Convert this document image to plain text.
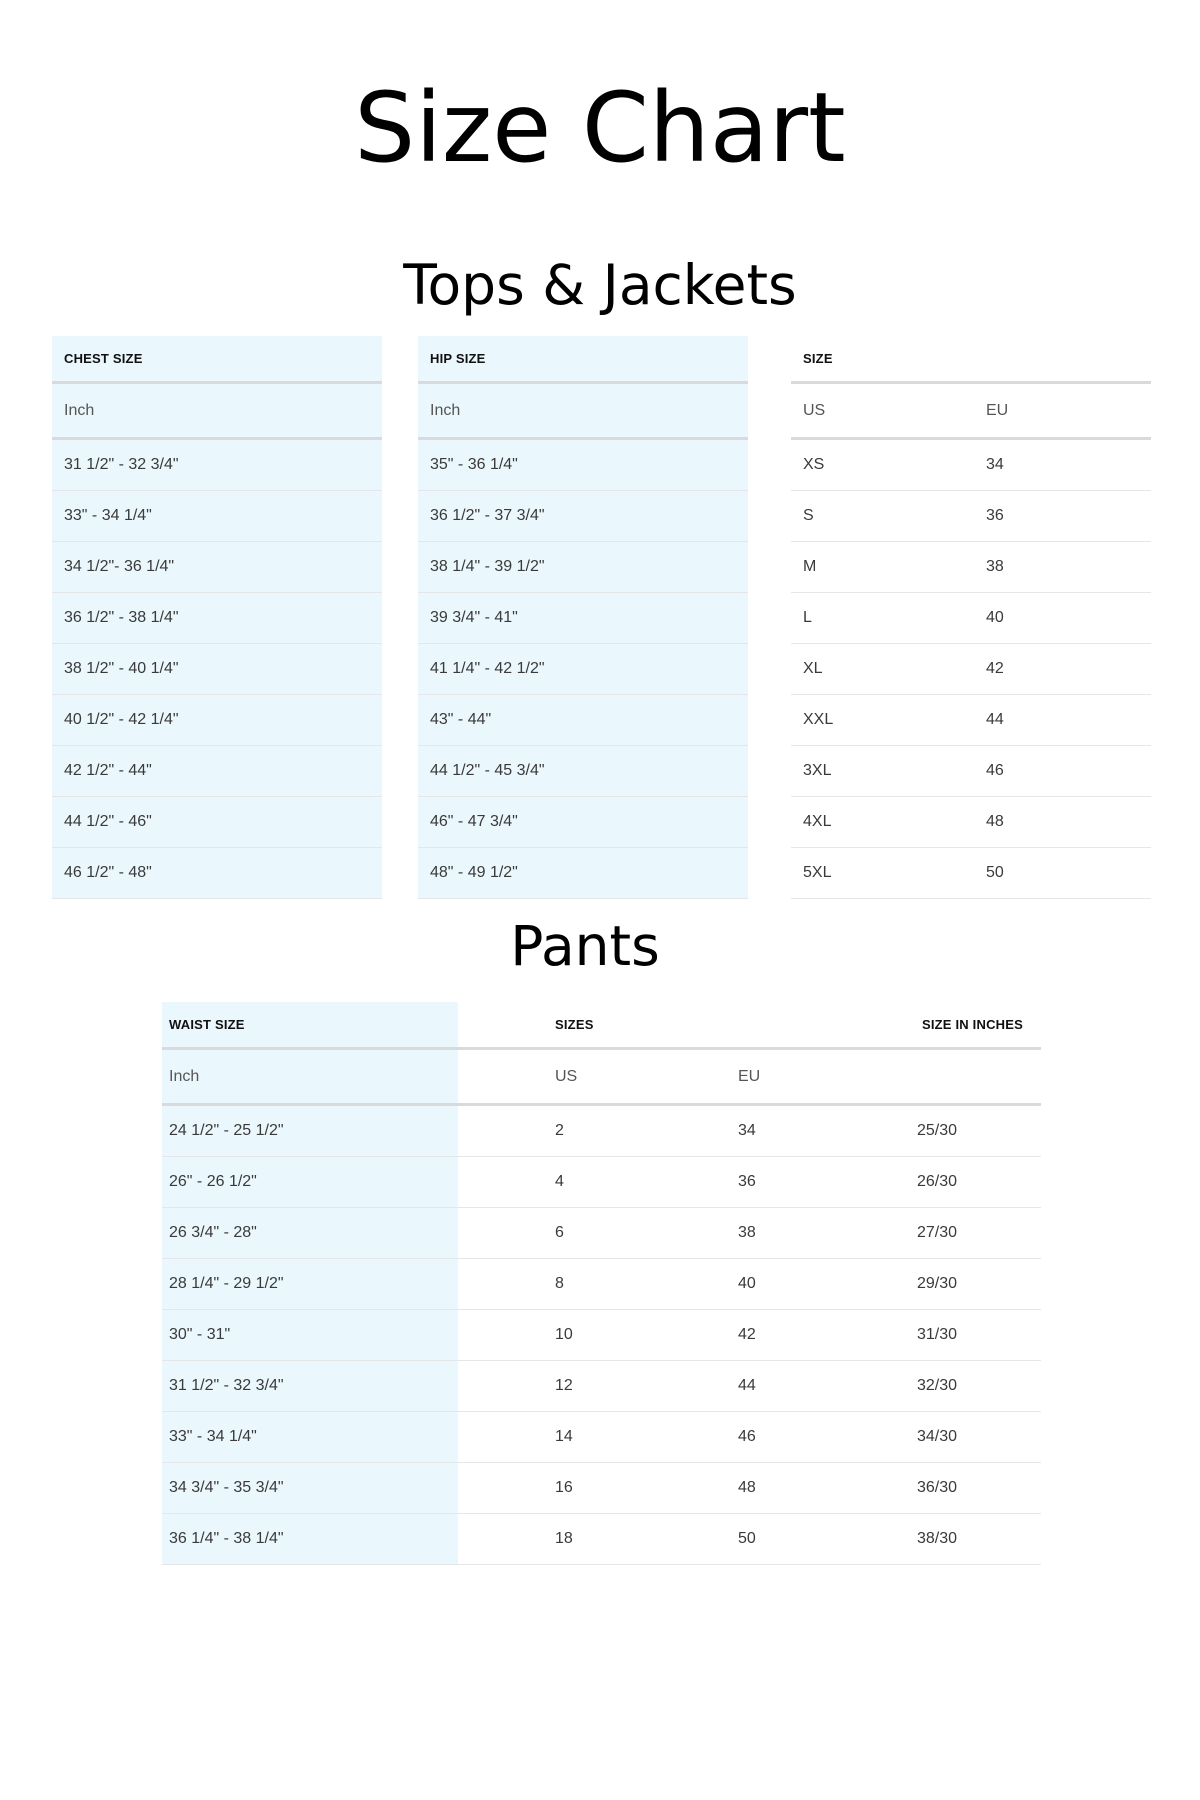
Size Chart
Tops & Jackets
CHEST SIZE		HIP SIZE		SIZE	
Inch		Inch		US	EU
31 1/2" - 32 3/4"		35" - 36 1/4"		XS	34
33" - 34 1/4"		36 1/2" - 37 3/4"		S	36
34 1/2"- 36 1/4"		38 1/4" - 39 1/2"		M	38
36 1/2" - 38 1/4"		39 3/4" - 41"		L	40
38 1/2" - 40 1/4"		41 1/4" - 42 1/2"		XL	42
40 1/2" - 42 1/4"		43" - 44"		XXL	44
42 1/2" - 44"		44 1/2" - 45 3/4"		3XL	46
44 1/2" - 46"		46" - 47 3/4"		4XL	48
46 1/2" - 48"		48" - 49 1/2"		5XL	50
Pants
WAIST SIZE		SIZES		SIZE IN INCHES
Inch		US	EU	
24 1/2" - 25 1/2"		2	34	25/30
26" - 26 1/2"		4	36	26/30
26 3/4" - 28"		6	38	27/30
28 1/4" - 29 1/2"		8	40	29/30
30" - 31"		10	42	31/30
31 1/2" - 32 3/4"		12	44	32/30
33" - 34 1/4"		14	46	34/30
34 3/4" - 35 3/4"		16	48	36/30
36 1/4" - 38 1/4"		18	50	38/30
